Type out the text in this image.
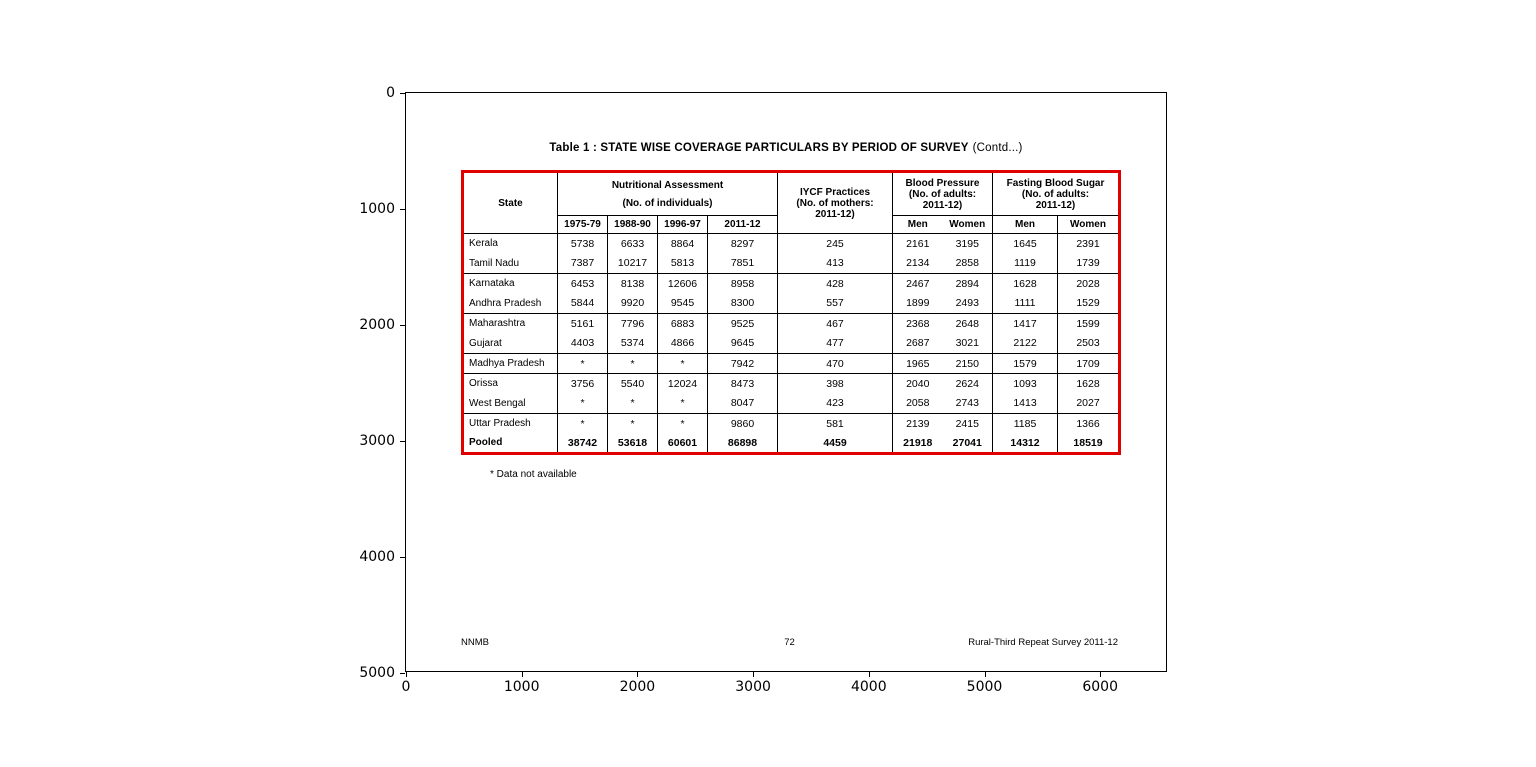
Table 1 : STATE WISE COVERAGE PARTICULARS BY PERIOD OF SURVEY (Contd...)
State	
Nutritional Assessment
(No. of individuals)

IYCF Practices
(No. of mothers:
2011-12)

Blood Pressure
(No. of adults:
2011-12)

Fasting Blood Sugar
(No. of adults:
2011-12)

	1975-79	1988-90	1996-97	2011-12		Men	Women	Men	Women
Kerala	5738	6633	8864	8297	245	2161	3195	1645	2391
Tamil Nadu	7387	10217	5813	7851	413	2134	2858	1119	1739
Karnataka	6453	8138	12606	8958	428	2467	2894	1628	2028
Andhra Pradesh	5844	9920	9545	8300	557	1899	2493	1111	1529
Maharashtra	5161	7796	6883	9525	467	2368	2648	1417	1599
Gujarat	4403	5374	4866	9645	477	2687	3021	2122	2503
Madhya Pradesh	*	*	*	7942	470	1965	2150	1579	1709
Orissa	3756	5540	12024	8473	398	2040	2624	1093	1628
West Bengal	*	*	*	8047	423	2058	2743	1413	2027
Uttar Pradesh	*	*	*	9860	581	2139	2415	1185	1366
Pooled	38742	53618	60601	86898	4459	21918	27041	14312	18519
* Data not available
NNMB	72	Rural-Third Repeat Survey 2011-12
0
1000
2000
3000
4000
5000
0	1000	2000	3000	4000	5000	6000
